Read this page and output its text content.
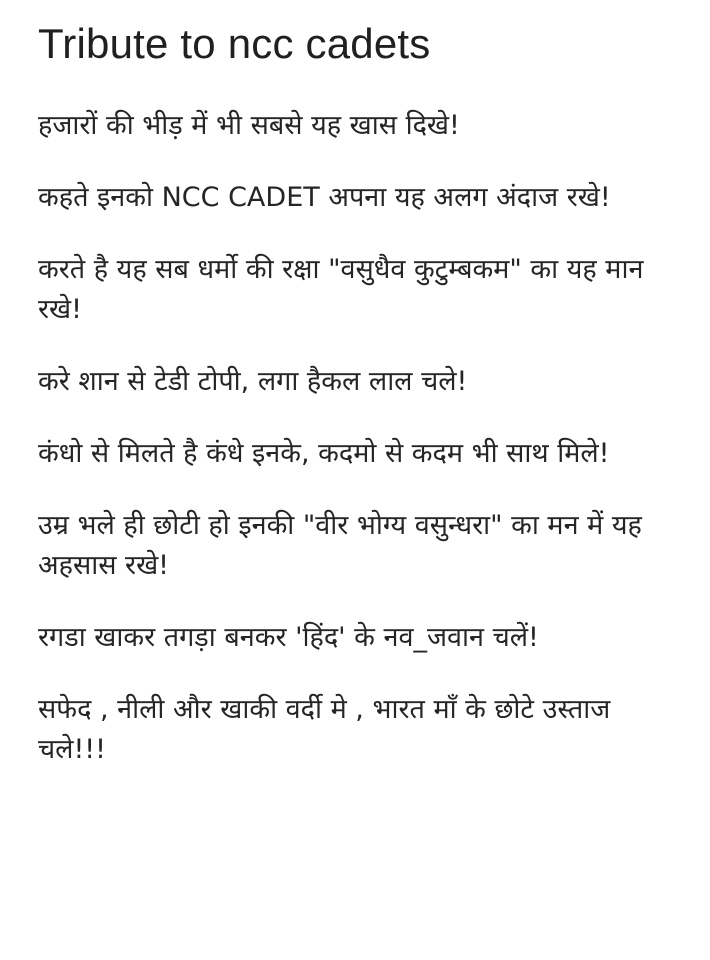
Tribute to ncc cadets

हजारों की भीड़ में भी सबसे यह खास दिखे!

कहते इनको NCC CADET अपना यह अलग अंदाज रखे!

करते है यह सब धर्मो की रक्षा "वसुधैव कुटुम्बकम" का यह मान रखे!

करे शान से टेडी टोपी, लगा हैकल लाल चले!

कंधो से मिलते है कंधे इनके, कदमो से कदम भी साथ मिले!

उम्र भले ही छोटी हो इनकी "वीर भोग्य वसुन्धरा" का मन में यह अहसास रखे!

रगडा खाकर तगड़ा बनकर 'हिंद' के नव_जवान चलें!

सफेद , नीली और खाकी वर्दी मे , भारत माँ के छोटे उस्ताज चले!!!
